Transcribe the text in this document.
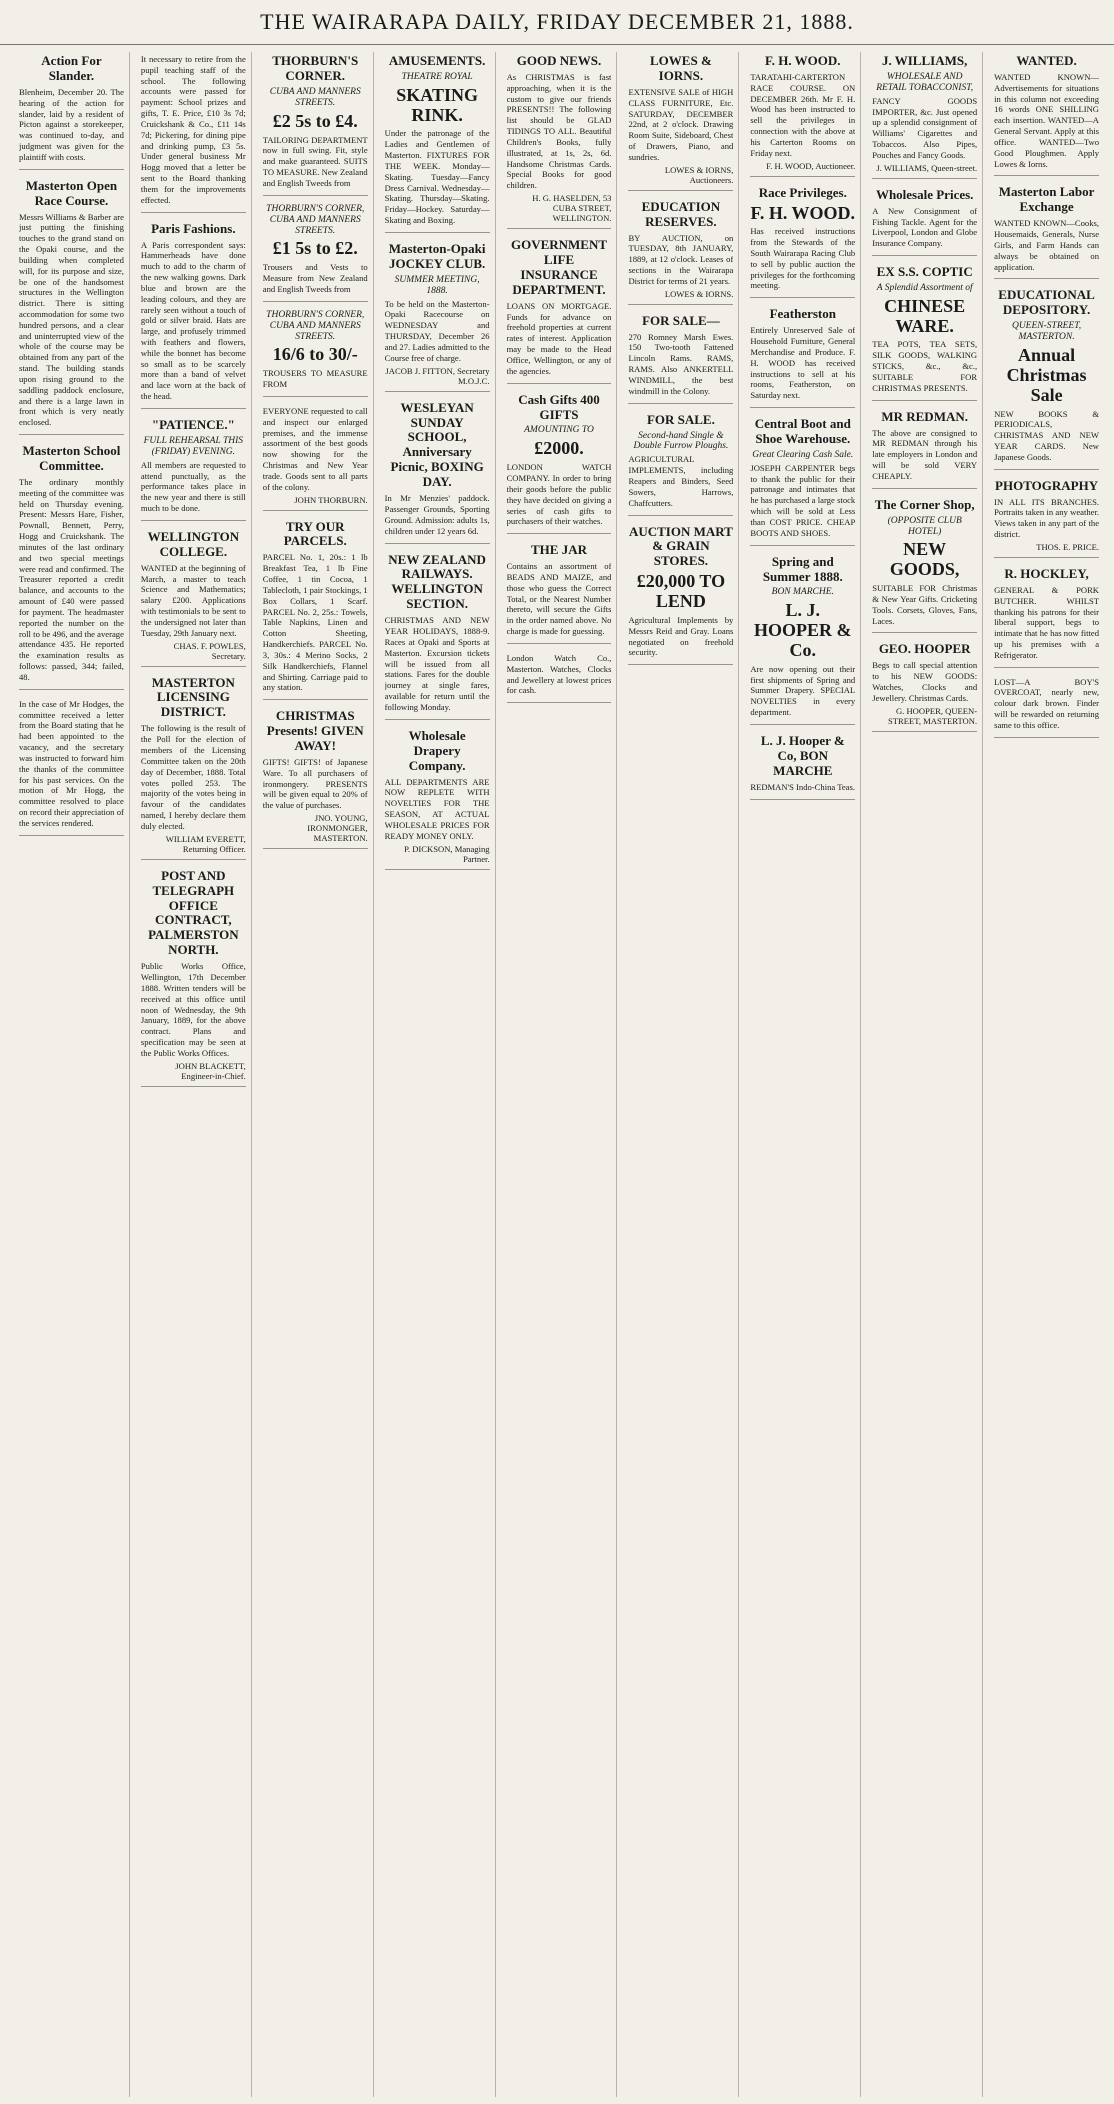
THE WAIRARAPA DAILY, FRIDAY DECEMBER 21, 1888.
Action For Slander.
Blenheim, December 20. The hearing of the action for slander, laid by a resident of Picton against a storekeeper, was continued to-day, and judgment was given for the plaintiff with costs.
Masterton Open Race Course.
Messrs Williams & Barber are just putting the finishing touches to the grand stand on the Opaki course, and the building when completed will, for its purpose and size, be one of the handsomest structures in the Wellington district. There is sitting accommodation for some two hundred persons, and a clear and uninterrupted view of the whole of the course may be obtained from any part of the stand. The building stands upon rising ground to the saddling paddock enclosure, and there is a large lawn in front which is very neatly enclosed.
Masterton School Committee.
The ordinary monthly meeting of the committee was held on Thursday evening. Present: Messrs Hare, Fisher, Pownall, Bennett, Perry, Hogg and Cruickshank. The minutes of the last ordinary and two special meetings were read and confirmed. The Treasurer reported a credit balance, and accounts to the amount of £40 were passed for payment. The headmaster reported the number on the roll to be 496, and the average attendance 435. He reported the examination results as follows: passed, 344; failed, 48.
In the case of Mr Hodges, the committee received a letter from the Board stating that he had been appointed to the vacancy, and the secretary was instructed to forward him the thanks of the committee for his past services. On the motion of Mr Hogg, the committee resolved to place on record their appreciation of the services rendered.
It necessary to retire from the pupil teaching staff of the school. The following accounts were passed for payment: School prizes and gifts, T. E. Price, £10 3s 7d; Cruickshank & Co., £11 14s 7d; Pickering, for dining pipe and drinking pump, £3 5s. Under general business Mr Hogg moved that a letter be sent to the Board thanking them for the improvements effected.
Paris Fashions.
A Paris correspondent says: Hammerheads have done much to add to the charm of the new walking gowns. Dark blue and brown are the leading colours, and they are rarely seen without a touch of gold or silver braid. Hats are large, and profusely trimmed with feathers and flowers, while the bonnet has become so small as to be scarcely more than a band of velvet and lace worn at the back of the head.
"PATIENCE."
FULL REHEARSAL THIS (FRIDAY) EVENING.
All members are requested to attend punctually, as the performance takes place in the new year and there is still much to be done.
WELLINGTON COLLEGE.
WANTED at the beginning of March, a master to teach Science and Mathematics; salary £200. Applications with testimonials to be sent to the undersigned not later than Tuesday, 29th January next.
CHAS. F. POWLES, Secretary.
MASTERTON LICENSING DISTRICT.
The following is the result of the Poll for the election of members of the Licensing Committee taken on the 20th day of December, 1888. Total votes polled 253. The majority of the votes being in favour of the candidates named, I hereby declare them duly elected.
WILLIAM EVERETT, Returning Officer.
POST AND TELEGRAPH OFFICE CONTRACT, PALMERSTON NORTH.
Public Works Office, Wellington, 17th December 1888. Written tenders will be received at this office until noon of Wednesday, the 9th January, 1889, for the above contract. Plans and specification may be seen at the Public Works Offices.
JOHN BLACKETT, Engineer-in-Chief.
THORBURN'S CORNER.
CUBA AND MANNERS STREETS.
£2 5s to £4.
TAILORING DEPARTMENT now in full swing. Fit, style and make guaranteed. SUITS TO MEASURE. New Zealand and English Tweeds from
THORBURN'S CORNER, CUBA AND MANNERS STREETS.
£1 5s to £2.
Trousers and Vests to Measure from New Zealand and English Tweeds from
THORBURN'S CORNER, CUBA AND MANNERS STREETS.
16/6 to 30/-
TROUSERS TO MEASURE FROM
EVERYONE requested to call and inspect our enlarged premises, and the immense assortment of the best goods now showing for the Christmas and New Year trade. Goods sent to all parts of the colony.
JOHN THORBURN.
TRY OUR PARCELS.
PARCEL No. 1, 20s.: 1 lb Breakfast Tea, 1 lb Fine Coffee, 1 tin Cocoa, 1 Tablecloth, 1 pair Stockings, 1 Box Collars, 1 Scarf. PARCEL No. 2, 25s.: Towels, Table Napkins, Linen and Cotton Sheeting, Handkerchiefs. PARCEL No. 3, 30s.: 4 Merino Socks, 2 Silk Handkerchiefs, Flannel and Shirting. Carriage paid to any station.
CHRISTMAS Presents! GIVEN AWAY!
GIFTS! GIFTS! of Japanese Ware. To all purchasers of ironmongery. PRESENTS will be given equal to 20% of the value of purchases.
JNO. YOUNG, IRONMONGER, MASTERTON.
AMUSEMENTS.
THEATRE ROYAL
SKATING RINK.
Under the patronage of the Ladies and Gentlemen of Masterton. FIXTURES FOR THE WEEK. Monday—Skating. Tuesday—Fancy Dress Carnival. Wednesday—Skating. Thursday—Skating. Friday—Hockey. Saturday—Skating and Boxing.
Masterton-Opaki JOCKEY CLUB.
SUMMER MEETING, 1888.
To be held on the Masterton-Opaki Racecourse on WEDNESDAY and THURSDAY, December 26 and 27. Ladies admitted to the Course free of charge.
JACOB J. FITTON, Secretary M.O.J.C.
WESLEYAN SUNDAY SCHOOL, Anniversary Picnic, BOXING DAY.
In Mr Menzies' paddock. Passenger Grounds, Sporting Ground. Admission: adults 1s, children under 12 years 6d.
NEW ZEALAND RAILWAYS. WELLINGTON SECTION.
CHRISTMAS AND NEW YEAR HOLIDAYS, 1888-9. Races at Opaki and Sports at Masterton. Excursion tickets will be issued from all stations. Fares for the double journey at single fares, available for return until the following Monday.
Wholesale Drapery Company.
ALL DEPARTMENTS ARE NOW REPLETE WITH NOVELTIES FOR THE SEASON, AT ACTUAL WHOLESALE PRICES FOR READY MONEY ONLY.
P. DICKSON, Managing Partner.
GOOD NEWS.
As CHRISTMAS is fast approaching, when it is the custom to give our friends PRESENTS!! The following list should be GLAD TIDINGS TO ALL. Beautiful Children's Books, fully illustrated, at 1s, 2s, 6d. Handsome Christmas Cards. Special Books for good children.
H. G. HASELDEN, 53 CUBA STREET, WELLINGTON.
GOVERNMENT LIFE INSURANCE DEPARTMENT.
LOANS ON MORTGAGE. Funds for advance on freehold properties at current rates of interest. Application may be made to the Head Office, Wellington, or any of the agencies.
Cash Gifts 400 GIFTS
AMOUNTING TO
£2000.
LONDON WATCH COMPANY. In order to bring their goods before the public they have decided on giving a series of cash gifts to purchasers of their watches.
THE JAR
Contains an assortment of BEADS AND MAIZE, and those who guess the Correct Total, or the Nearest Number thereto, will secure the Gifts in the order named above. No charge is made for guessing.
London Watch Co., Masterton. Watches, Clocks and Jewellery at lowest prices for cash.
LOWES & IORNS.
EXTENSIVE SALE of HIGH CLASS FURNITURE, Etc. SATURDAY, DECEMBER 22nd, at 2 o'clock. Drawing Room Suite, Sideboard, Chest of Drawers, Piano, and sundries.
LOWES & IORNS, Auctioneers.
EDUCATION RESERVES.
BY AUCTION, on TUESDAY, 8th JANUARY, 1889, at 12 o'clock. Leases of sections in the Wairarapa District for terms of 21 years.
LOWES & IORNS.
FOR SALE—
270 Romney Marsh Ewes. 150 Two-tooth Fattened Lincoln Rams. RAMS, RAMS. Also ANKERTELL WINDMILL, the best windmill in the Colony.
FOR SALE.
Second-hand Single & Double Furrow Ploughs.
AGRICULTURAL IMPLEMENTS, including Reapers and Binders, Seed Sowers, Harrows, Chaffcutters.
AUCTION MART & GRAIN STORES.
£20,000 TO LEND
Agricultural Implements by Messrs Reid and Gray. Loans negotiated on freehold security.
F. H. WOOD.
TARATAHI-CARTERTON RACE COURSE. ON DECEMBER 26th. Mr F. H. Wood has been instructed to sell the privileges in connection with the above at his Carterton Rooms on Friday next.
F. H. WOOD, Auctioneer.
Race Privileges.
F. H. WOOD.
Has received instructions from the Stewards of the South Wairarapa Racing Club to sell by public auction the privileges for the forthcoming meeting.
Featherston
Entirely Unreserved Sale of Household Furniture, General Merchandise and Produce. F. H. WOOD has received instructions to sell at his rooms, Featherston, on Saturday next.
Central Boot and Shoe Warehouse.
Great Clearing Cash Sale.
JOSEPH CARPENTER begs to thank the public for their patronage and intimates that he has purchased a large stock which will be sold at Less than COST PRICE. CHEAP BOOTS AND SHOES.
Spring and Summer 1888.
BON MARCHE.
L. J. HOOPER & Co.
Are now opening out their first shipments of Spring and Summer Drapery. SPECIAL NOVELTIES in every department.
L. J. Hooper & Co, BON MARCHE
REDMAN'S Indo-China Teas.
J. WILLIAMS,
WHOLESALE AND RETAIL TOBACCONIST,
FANCY GOODS IMPORTER, &c. Just opened up a splendid consignment of Williams' Cigarettes and Tobaccos. Also Pipes, Pouches and Fancy Goods.
J. WILLIAMS, Queen-street.
Wholesale Prices.
A New Consignment of Fishing Tackle. Agent for the Liverpool, London and Globe Insurance Company.
EX S.S. COPTIC
A Splendid Assortment of
CHINESE WARE.
TEA POTS, TEA SETS, SILK GOODS, WALKING STICKS, &c., &c., SUITABLE FOR CHRISTMAS PRESENTS.
MR REDMAN.
The above are consigned to MR REDMAN through his late employers in London and will be sold VERY CHEAPLY.
The Corner Shop,
(OPPOSITE CLUB HOTEL)
NEW GOODS,
SUITABLE FOR Christmas & New Year Gifts. Cricketing Tools. Corsets, Gloves, Fans, Laces.
GEO. HOOPER
Begs to call special attention to his NEW GOODS: Watches, Clocks and Jewellery. Christmas Cards.
G. HOOPER, QUEEN-STREET, MASTERTON.
WANTED.
WANTED KNOWN—Advertisements for situations in this column not exceeding 16 words ONE SHILLING each insertion. WANTED—A General Servant. Apply at this office. WANTED—Two Good Ploughmen. Apply Lowes & Iorns.
Masterton Labor Exchange
WANTED KNOWN—Cooks, Housemaids, Generals, Nurse Girls, and Farm Hands can always be obtained on application.
EDUCATIONAL DEPOSITORY.
QUEEN-STREET, MASTERTON.
Annual Christmas Sale
NEW BOOKS & PERIODICALS, CHRISTMAS AND NEW YEAR CARDS. New Japanese Goods.
PHOTOGRAPHY
IN ALL ITS BRANCHES. Portraits taken in any weather. Views taken in any part of the district.
THOS. E. PRICE.
R. HOCKLEY,
GENERAL & PORK BUTCHER. WHILST thanking his patrons for their liberal support, begs to intimate that he has now fitted up his premises with a Refrigerator.
LOST—A BOY'S OVERCOAT, nearly new, colour dark brown. Finder will be rewarded on returning same to this office.
